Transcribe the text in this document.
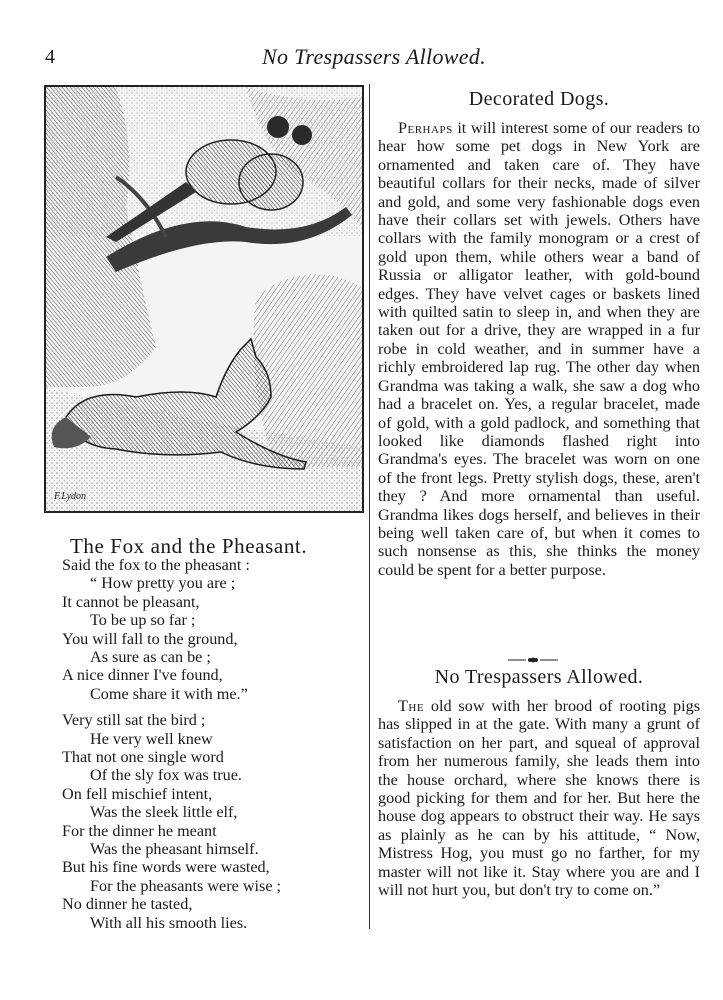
4	No Trespassers Allowed.
F.Lydon
The Fox and the Pheasant.
Said the fox to the pheasant :
“ How pretty you are ;
It cannot be pleasant,
To be up so far ;
You will fall to the ground,
As sure as can be ;
A nice dinner I've found,
Come share it with me.”
Very still sat the bird ;
He very well knew
That not one single word
Of the sly fox was true.
On fell mischief intent,
Was the sleek little elf,
For the dinner he meant
Was the pheasant himself.
But his fine words were wasted,
For the pheasants were wise ;
No dinner he tasted,
With all his smooth lies.
Decorated Dogs.

Perhaps it will interest some of our readers to hear how some pet dogs in New York are ornamented and taken care of. They have beautiful collars for their necks, made of silver and gold, and some very fashionable dogs even have their collars set with jewels. Others have collars with the family monogram or a crest of gold upon them, while others wear a band of Russia or alligator leather, with gold-bound edges. They have velvet cages or baskets lined with quilted satin to sleep in, and when they are taken out for a drive, they are wrapped in a fur robe in cold weather, and in summer have a richly embroidered lap rug. The other day when Grandma was taking a walk, she saw a dog who had a bracelet on. Yes, a regular bracelet, made of gold, with a gold padlock, and something that looked like diamonds flashed right into Grandma's eyes. The bracelet was worn on one of the front legs. Pretty stylish dogs, these, aren't they ? And more ornamental than useful. Grandma likes dogs herself, and believes in their being well taken care of, but when it comes to such nonsense as this, she thinks the money could be spent for a better purpose.

No Trespassers Allowed.

The old sow with her brood of rooting pigs has slipped in at the gate. With many a grunt of satisfaction on her part, and squeal of approval from her numerous family, she leads them into the house orchard, where she knows there is good picking for them and for her. But here the house dog appears to obstruct their way. He says as plainly as he can by his attitude, “ Now, Mistress Hog, you must go no farther, for my master will not like it. Stay where you are and I will not hurt you, but don't try to come on.”
